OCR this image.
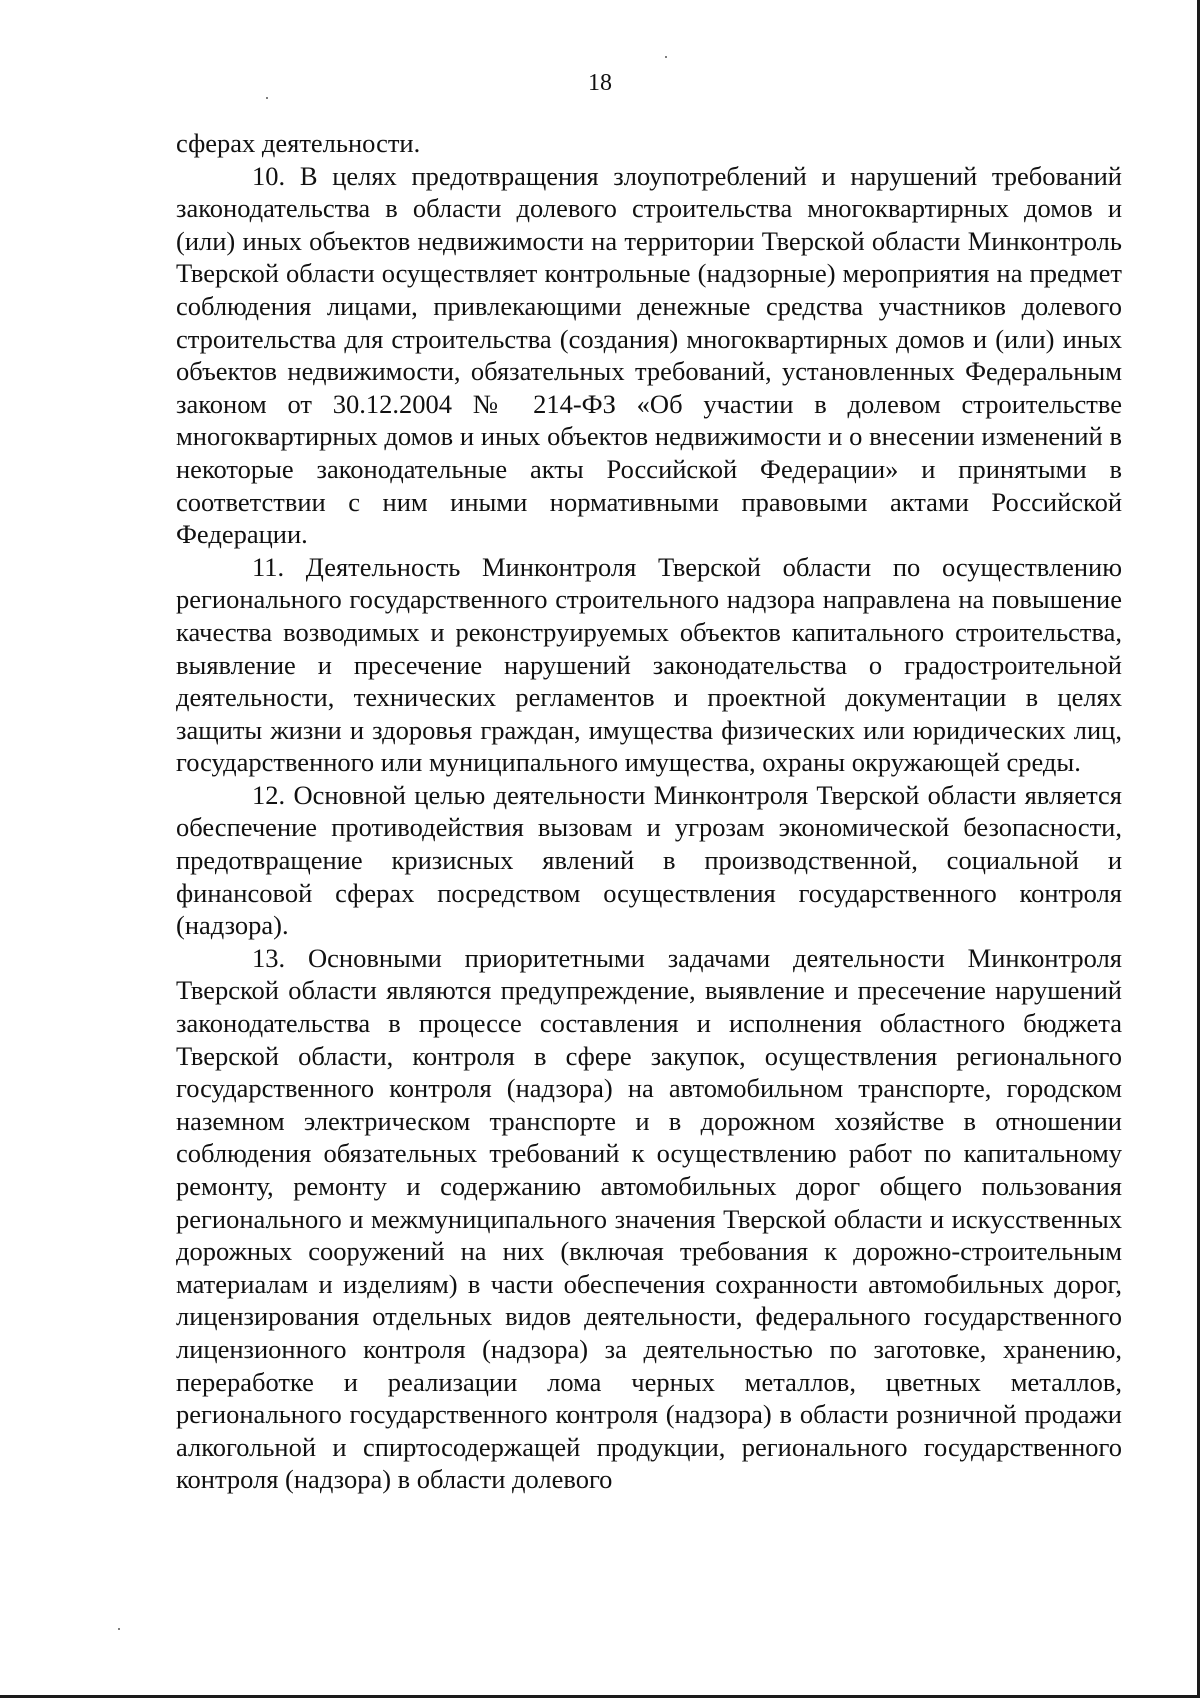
18

сферах деятельности.

10. В целях предотвращения злоупотреблений и нарушений требований законодательства в области долевого строительства многоквартирных домов и (или) иных объектов недвижимости на территории Тверской области Минконтроль Тверской области осуществляет контрольные (надзорные) мероприятия на предмет соблюдения лицами, привлекающими денежные средства участников долевого строительства для строительства (создания) многоквартирных домов и (или) иных объектов недвижимости, обязательных требований, установленных Федеральным законом от 30.12.2004 № 214-ФЗ «Об участии в долевом строительстве многоквартирных домов и иных объектов недвижимости и о внесении изменений в некоторые законодательные акты Российской Федерации» и принятыми в соответствии с ним иными нормативными правовыми актами Российской Федерации.

11. Деятельность Минконтроля Тверской области по осуществлению регионального государственного строительного надзора направлена на повышение качества возводимых и реконструируемых объектов капитального строительства, выявление и пресечение нарушений законодательства о градостроительной деятельности, технических регламентов и проектной документации в целях защиты жизни и здоровья граждан, имущества физических или юридических лиц, государственного или муниципального имущества, охраны окружающей среды.

12. Основной целью деятельности Минконтроля Тверской области является обеспечение противодействия вызовам и угрозам экономической безопасности, предотвращение кризисных явлений в производственной, социальной и финансовой сферах посредством осуществления государственного контроля (надзора).

13. Основными приоритетными задачами деятельности Минконтроля Тверской области являются предупреждение, выявление и пресечение нарушений законодательства в процессе составления и исполнения областного бюджета Тверской области, контроля в сфере закупок, осуществления регионального государственного контроля (надзора) на автомобильном транспорте, городском наземном электрическом транспорте и в дорожном хозяйстве в отношении соблюдения обязательных требований к осуществлению работ по капитальному ремонту, ремонту и содержанию автомобильных дорог общего пользования регионального и межмуниципального значения Тверской области и искусственных дорожных сооружений на них (включая требования к дорожно-строительным материалам и изделиям) в части обеспечения сохранности автомобильных дорог, лицензирования отдельных видов деятельности, федерального государственного лицензионного контроля (надзора) за деятельностью по заготовке, хранению, переработке и реализации лома черных металлов, цветных металлов, регионального государственного контроля (надзора) в области розничной продажи алкогольной и спиртосодержащей продукции, регионального государственного контроля (надзора) в области долевого
